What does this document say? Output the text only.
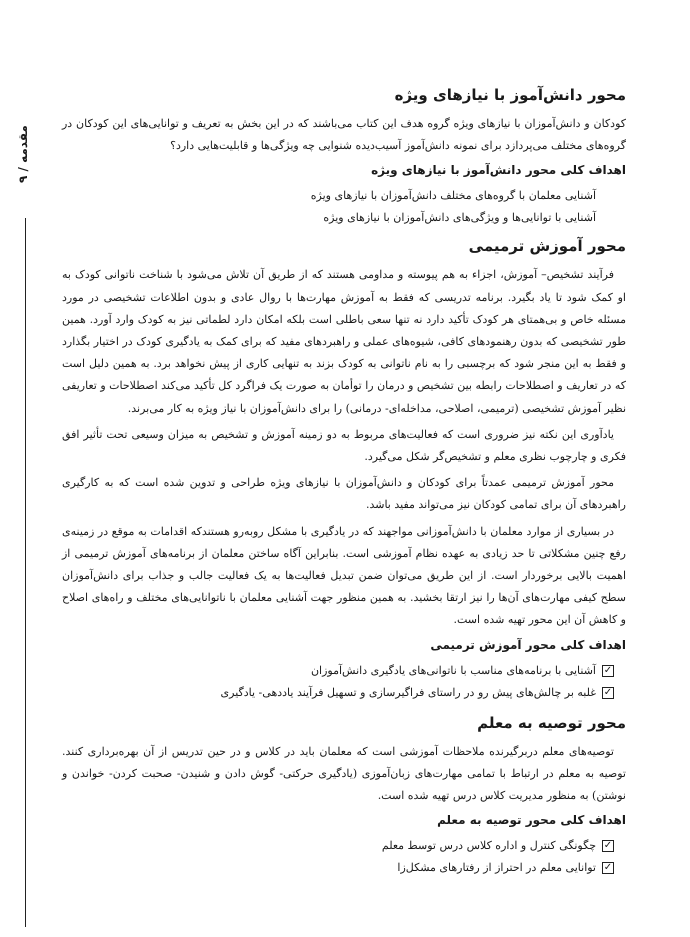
مقدمه / ۹
محور دانش‌آموز با نیازهای ویژه

کودکان و دانش‌آموزان با نیازهای ویژه گروه هدف این کتاب می‌باشند که در این بخش به تعریف و توانایی‌های این کودکان در گروه‌های مختلف می‌پردازد برای نمونه دانش‌آموز آسیب‌دیده شنوایی چه ویژگی‌ها و قابلیت‌هایی دارد؟

اهداف کلی محور دانش‌آموز با نیازهای ویژه
آشنایی معلمان با گروه‌های مختلف دانش‌آموزان با نیازهای ویژه
آشنایی با توانایی‌ها و ویژگی‌های دانش‌آموزان با نیازهای ویژه
محور آموزش ترمیمی

فرآیند تشخیص– آموزش، اجزاء به هم پیوسته و مداومی هستند که از طریق آن تلاش می‌شود با شناخت ناتوانی کودک به او کمک شود تا یاد بگیرد. برنامه تدریسی که فقط به آموزش مهارت‌ها با روال عادی و بدون اطلاعات تشخیصی در مورد مسئله خاص و بی‌همتای هر کودک تأکید دارد نه تنها سعی باطلی است بلکه امکان دارد لطماتی نیز به کودک وارد آورد. همین طور تشخیصی که بدون رهنمودهای کافی، شیوه‌های عملی و راهبردهای مفید که برای کمک به یادگیری کودک در اختیار بگذارد و فقط به این منجر شود که برچسبی را به نام ناتوانی به کودک بزند به تنهایی کاری از پیش نخواهد برد. به همین دلیل است که در تعاریف و اصطلاحات رابطه بین تشخیص و درمان را توأمان به صورت یک فراگرد کل تأکید می‌کند اصطلاحات و تعاریفی نظیر آموزش تشخیصی (ترمیمی، اصلاحی، مداخله‌ای- درمانی) را برای دانش‌آموزان با نیاز ویژه به کار می‌برند.

یادآوری این نکته نیز ضروری است که فعالیت‌های مربوط به دو زمینه آموزش و تشخیص به میزان وسیعی تحت تأثیر افق فکری و چارچوب نظری معلم و تشخیص‌گر شکل می‌گیرد.

محور آموزش ترمیمی عمدتاً برای کودکان و دانش‌آموزان با نیازهای ویژه طراحی و تدوین شده است که به کارگیری راهبردهای آن برای تمامی کودکان نیز می‌تواند مفید باشد.

در بسیاری از موارد معلمان با دانش‌آموزانی مواجهند که در یادگیری با مشکل روبه‌رو هستندکه اقدامات به موقع در زمینه‌ی رفع چنین مشکلاتی تا حد زیادی به عهده نظام آموزشی است. بنابراین آگاه ساختن معلمان از برنامه‌های آموزش ترمیمی از اهمیت بالایی برخوردار است. از این طریق می‌توان ضمن تبدیل فعالیت‌ها به یک فعالیت جالب و جذاب برای دانش‌آموزان سطح کیفی مهارت‌های آن‌ها را نیز ارتقا بخشید. به همین منظور جهت آشنایی معلمان با ناتوانایی‌های مختلف و راه‌های اصلاح و کاهش آن این محور تهیه شده است.

اهداف کلی محور آموزش ترمیمی
✓
آشنایی با برنامه‌های مناسب با ناتوانی‌های یادگیری دانش‌آموزان
✓
غلبه بر چالش‌های پیش رو در راستای فراگیرسازی و تسهیل فرآیند یاددهی- یادگیری
محور توصیه به معلم

توصیه‌های معلم دربرگیرنده ملاحظات آموزشی است که معلمان باید در کلاس و در حین تدریس از آن بهره‌برداری کنند. توصیه به معلم در ارتباط با تمامی مهارت‌های زبان‌آموزی (یادگیری حرکتی- گوش دادن و شنیدن- صحبت کردن- خواندن و نوشتن) به منظور مدیریت کلاس درس تهیه شده است.

اهداف کلی محور توصیه به معلم
✓
چگونگی کنترل و اداره کلاس درس توسط معلم
✓
توانایی معلم در احتراز از رفتارهای مشکل‌زا
